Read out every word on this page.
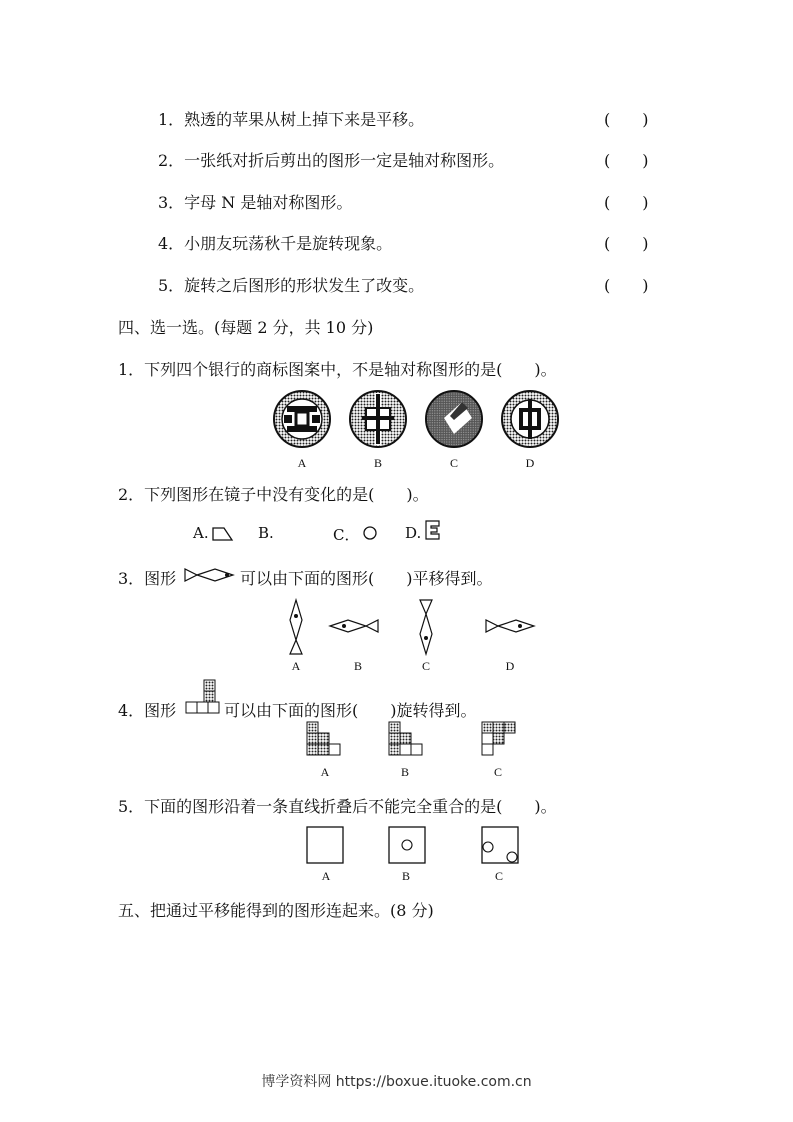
1．熟透的苹果从树上掉下来是平移。	(　　)
2．一张纸对折后剪出的图形一定是轴对称图形。	(　　)
3．字母 N 是轴对称图形。	(　　)
4．小朋友玩荡秋千是旋转现象。	(　　)
5．旋转之后图形的形状发生了改变。	(　　)
四、选一选。(每题 2 分，共 10 分)
1．下列四个银行的商标图案中，不是轴对称图形的是(　　)。
A	B	C	D
2．下列图形在镜子中没有变化的是(　　)。
A.	B.	C．	D.
3．图形	可以由下面的图形(　　)平移得到。
A	B	C	D
4．图形	可以由下面的图形(　　)旋转得到。
A	B	C
5．下面的图形沿着一条直线折叠后不能完全重合的是(　　)。
A	B	C
五、把通过平移能得到的图形连起来。(8 分)
博学资料网 https://boxue.ituoke.com.cn
